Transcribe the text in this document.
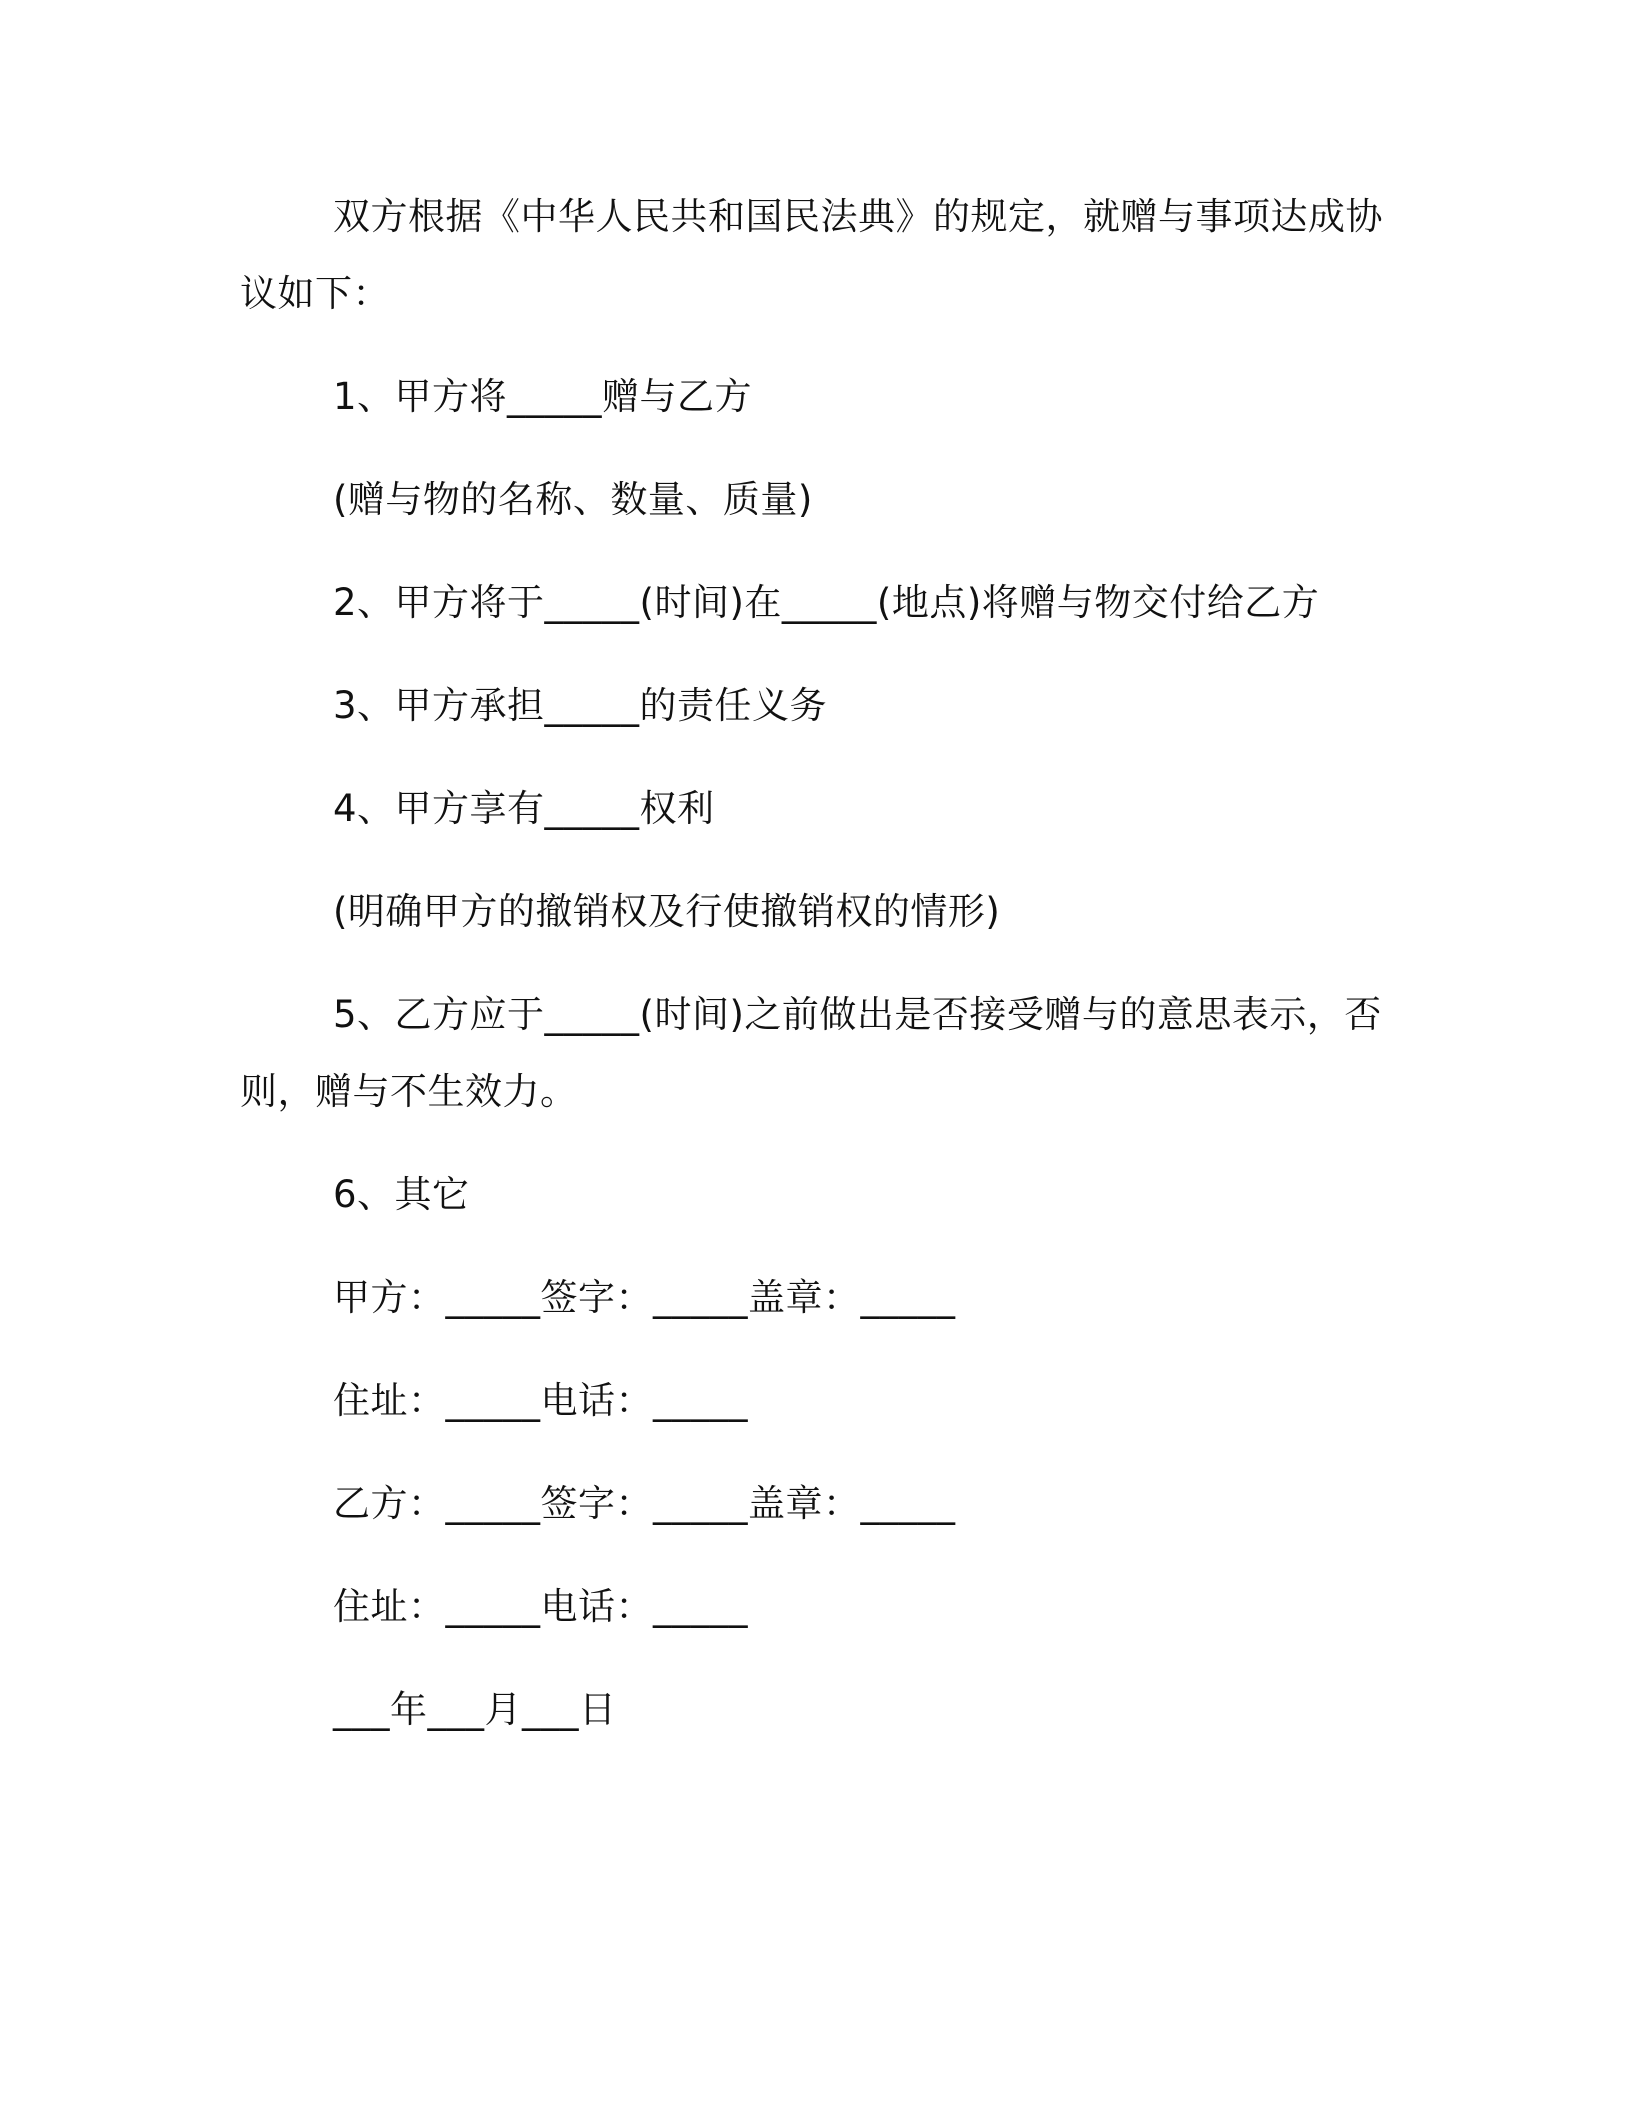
双方根据《中华人民共和国民法典》的规定，就赠与事项达成协
议如下：
1、甲方将_____赠与乙方
(赠与物的名称、数量、质量)
2、甲方将于_____(时间)在_____(地点)将赠与物交付给乙方
3、甲方承担_____的责任义务
4、甲方享有_____权利
(明确甲方的撤销权及行使撤销权的情形)
5、乙方应于_____(时间)之前做出是否接受赠与的意思表示，否
则，赠与不生效力。
6、其它
甲方：_____签字：_____盖章：_____
住址：_____电话：_____
乙方：_____签字：_____盖章：_____
住址：_____电话：_____
___年___月___日
